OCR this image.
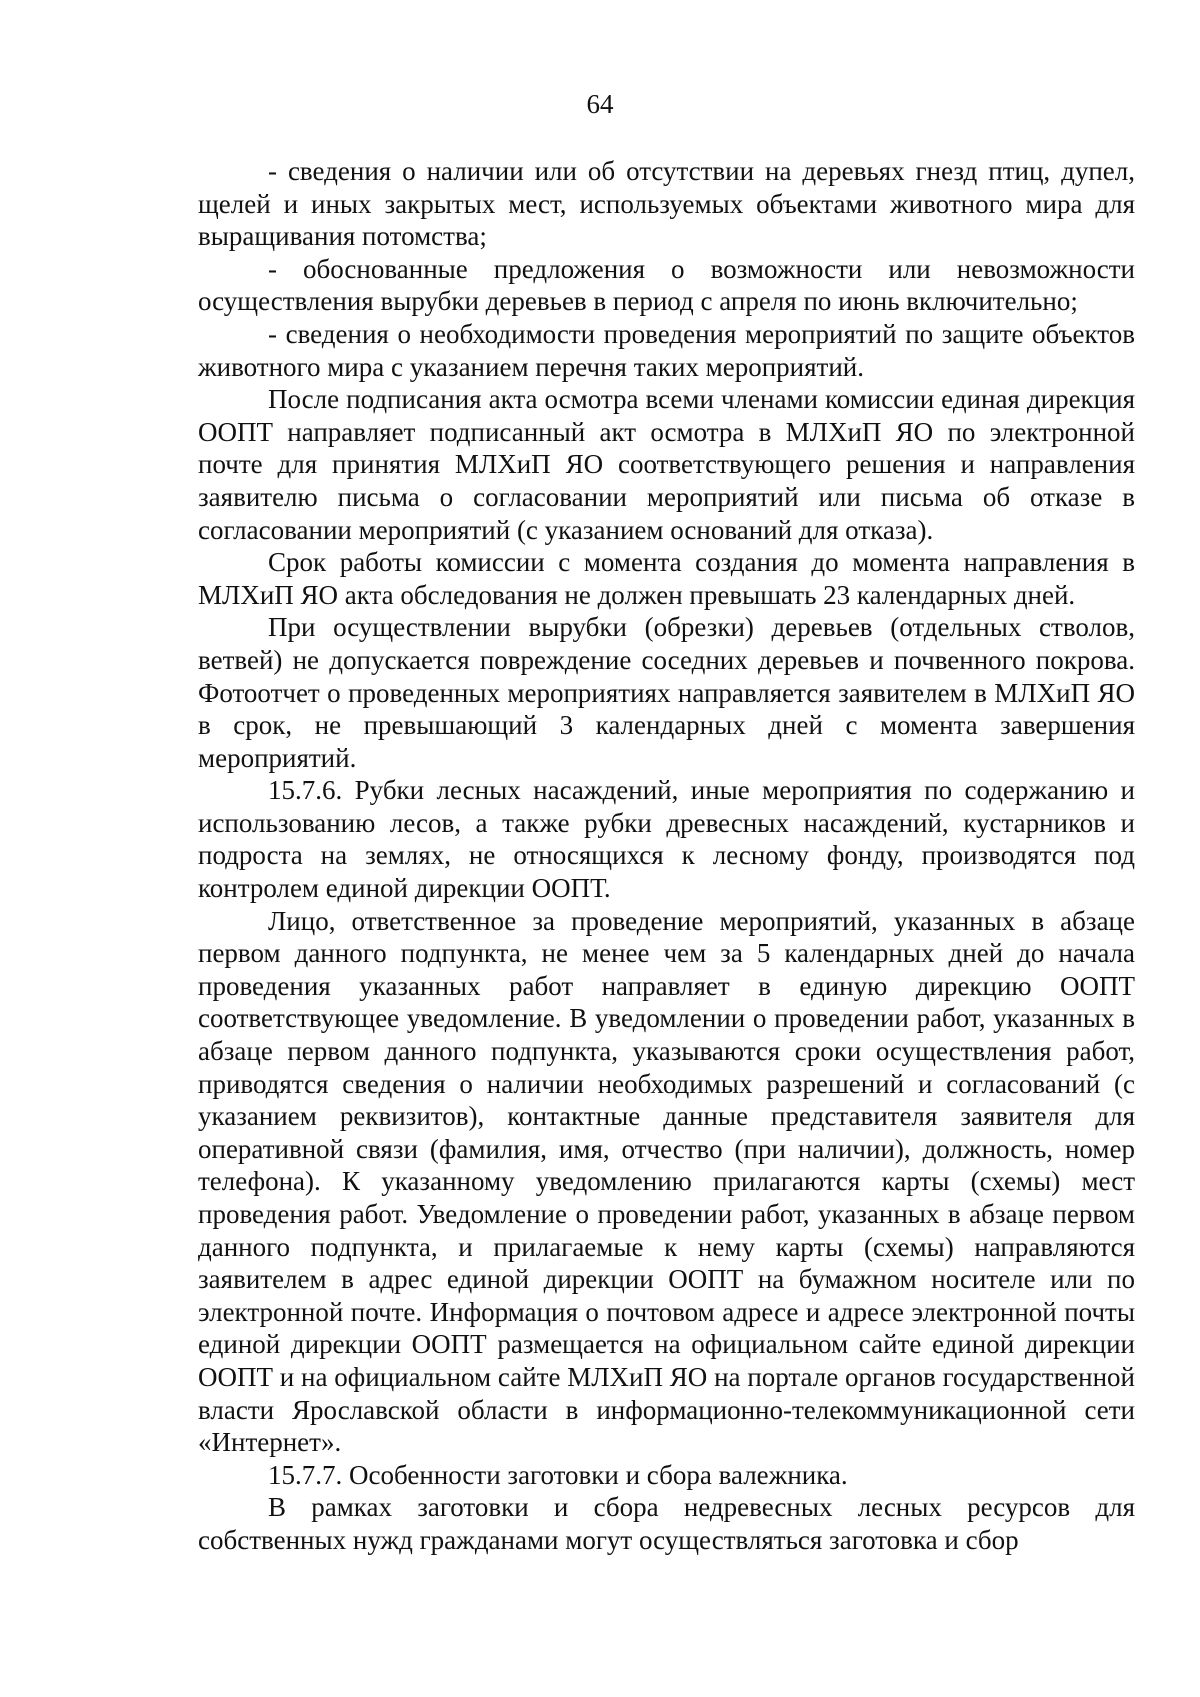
64

- сведения о наличии или об отсутствии на деревьях гнезд птиц, дупел, щелей и иных закрытых мест, используемых объектами животного мира для выращивания потомства;

- обоснованные предложения о возможности или невозможности осуществления вырубки деревьев в период с апреля по июнь включительно;

- сведения о необходимости проведения мероприятий по защите объектов животного мира с указанием перечня таких мероприятий.

После подписания акта осмотра всеми членами комиссии единая дирекция ООПТ направляет подписанный акт осмотра в МЛХиП ЯО по электронной почте для принятия МЛХиП ЯО соответствующего решения и направления заявителю письма о согласовании мероприятий или письма об отказе в согласовании мероприятий (с указанием оснований для отказа).

Срок работы комиссии с момента создания до момента направления в МЛХиП ЯО акта обследования не должен превышать 23 календарных дней.

При осуществлении вырубки (обрезки) деревьев (отдельных стволов, ветвей) не допускается повреждение соседних деревьев и почвенного покрова. Фотоотчет о проведенных мероприятиях направляется заявителем в МЛХиП ЯО в срок, не превышающий 3 календарных дней с момента завершения мероприятий.

15.7.6. Рубки лесных насаждений, иные мероприятия по содержанию и использованию лесов, а также рубки древесных насаждений, кустарников и подроста на землях, не относящихся к лесному фонду, производятся под контролем единой дирекции ООПТ.

Лицо, ответственное за проведение мероприятий, указанных в абзаце первом данного подпункта, не менее чем за 5 календарных дней до начала проведения указанных работ направляет в единую дирекцию ООПТ соответствующее уведомление. В уведомлении о проведении работ, указанных в абзаце первом данного подпункта, указываются сроки осуществления работ, приводятся сведения о наличии необходимых разрешений и согласований (с указанием реквизитов), контактные данные представителя заявителя для оперативной связи (фамилия, имя, отчество (при наличии), должность, номер телефона). К указанному уведомлению прилагаются карты (схемы) мест проведения работ. Уведомление о проведении работ, указанных в абзаце первом данного подпункта, и прилагаемые к нему карты (схемы) направляются заявителем в адрес единой дирекции ООПТ на бумажном носителе или по электронной почте. Информация о почтовом адресе и адресе электронной почты единой дирекции ООПТ размещается на официальном сайте единой дирекции ООПТ и на официальном сайте МЛХиП ЯО на портале органов государственной власти Ярославской области в информационно-телекоммуникационной сети «Интернет».

15.7.7. Особенности заготовки и сбора валежника.

В рамках заготовки и сбора недревесных лесных ресурсов для собственных нужд гражданами могут осуществляться заготовка и сбор
